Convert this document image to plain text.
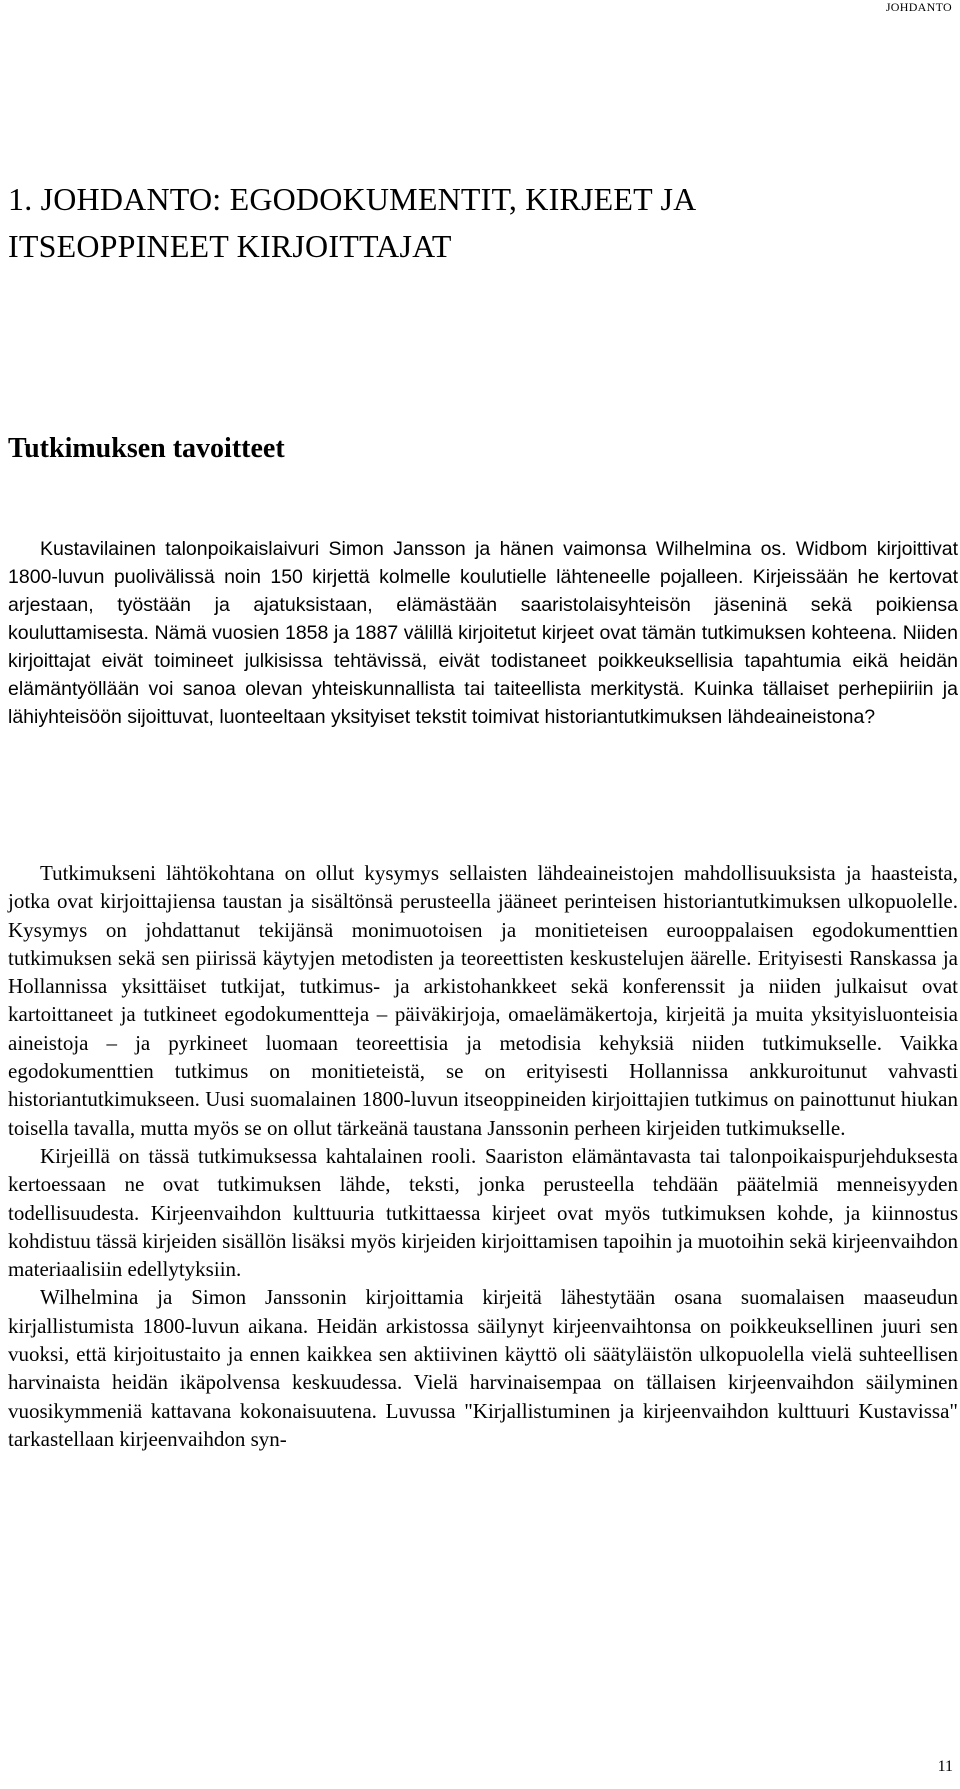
JOHDANTO
1. JOHDANTO: EGODOKUMENTIT, KIRJEET JA
ITSEOPPINEET KIRJOITTAJAT
Tutkimuksen tavoitteet

Kustavilainen talonpoikaislaivuri Simon Jansson ja hänen vaimonsa Wilhelmina os. Widbom kirjoittivat 1800-luvun puolivälissä noin 150 kirjettä kolmelle koulutielle lähteneelle pojalleen. Kirjeissään he kertovat arjestaan, työstään ja ajatuksistaan, elämästään saaristolaisyhteisön jäseninä sekä poikiensa kouluttamisesta. Nämä vuosien 1858 ja 1887 välillä kirjoitetut kirjeet ovat tämän tutkimuksen kohteena. Niiden kirjoittajat eivät toimineet julkisissa tehtävissä, eivät todistaneet poikkeuksellisia tapahtumia eikä heidän elämäntyöllään voi sanoa olevan yhteiskunnallista tai taiteellista merkitystä. Kuinka tällaiset perhepiiriin ja lähiyhteisöön sijoittuvat, luonteeltaan yksityiset tekstit toimivat historiantutkimuksen lähdeaineistona?

Tutkimukseni lähtökohtana on ollut kysymys sellaisten lähdeaineistojen mahdollisuuksista ja haasteista, jotka ovat kirjoittajiensa taustan ja sisältönsä perusteella jääneet perinteisen historiantutkimuksen ulkopuolelle. Kysymys on johdattanut tekijänsä monimuotoisen ja monitieteisen eurooppalaisen egodokumenttien tutkimuksen sekä sen piirissä käytyjen metodisten ja teoreettisten keskustelujen äärelle. Erityisesti Ranskassa ja Hollannissa yksittäiset tutkijat, tutkimus- ja arkistohankkeet sekä konferenssit ja niiden julkaisut ovat kartoittaneet ja tutkineet egodokumentteja – päiväkirjoja, omaelämäkertoja, kirjeitä ja muita yksityisluonteisia aineistoja – ja pyrkineet luomaan teoreettisia ja metodisia kehyksiä niiden tutkimukselle. Vaikka egodokumenttien tutkimus on monitieteistä, se on erityisesti Hollannissa ankkuroitunut vahvasti historiantutkimukseen. Uusi suomalainen 1800-luvun itseoppineiden kirjoittajien tutkimus on painottunut hiukan toisella tavalla, mutta myös se on ollut tärkeänä taustana Janssonin perheen kirjeiden tutkimukselle.

Kirjeillä on tässä tutkimuksessa kahtalainen rooli. Saariston elämäntavasta tai talonpoikaispurjehduksesta kertoessaan ne ovat tutkimuksen lähde, teksti, jonka perusteella tehdään päätelmiä menneisyyden todellisuudesta. Kirjeenvaihdon kulttuuria tutkittaessa kirjeet ovat myös tutkimuksen kohde, ja kiinnostus kohdistuu tässä kirjeiden sisällön lisäksi myös kirjeiden kirjoittamisen tapoihin ja muotoihin sekä kirjeenvaihdon materiaalisiin edellytyksiin.

Wilhelmina ja Simon Janssonin kirjoittamia kirjeitä lähestytään osana suomalaisen maaseudun kirjallistumista 1800-luvun aikana. Heidän arkistossa säilynyt kirjeenvaihtonsa on poikkeuksellinen juuri sen vuoksi, että kirjoitustaito ja ennen kaikkea sen aktiivinen käyttö oli säätyläistön ulkopuolella vielä suhteellisen harvinaista heidän ikäpolvensa keskuudessa. Vielä harvinaisempaa on tällaisen kirjeenvaihdon säilyminen vuosikymmeniä kattavana kokonaisuutena. Luvussa "Kirjallistuminen ja kirjeenvaihdon kulttuuri Kustavissa" tarkastellaan kirjeenvaihdon syn-

11
